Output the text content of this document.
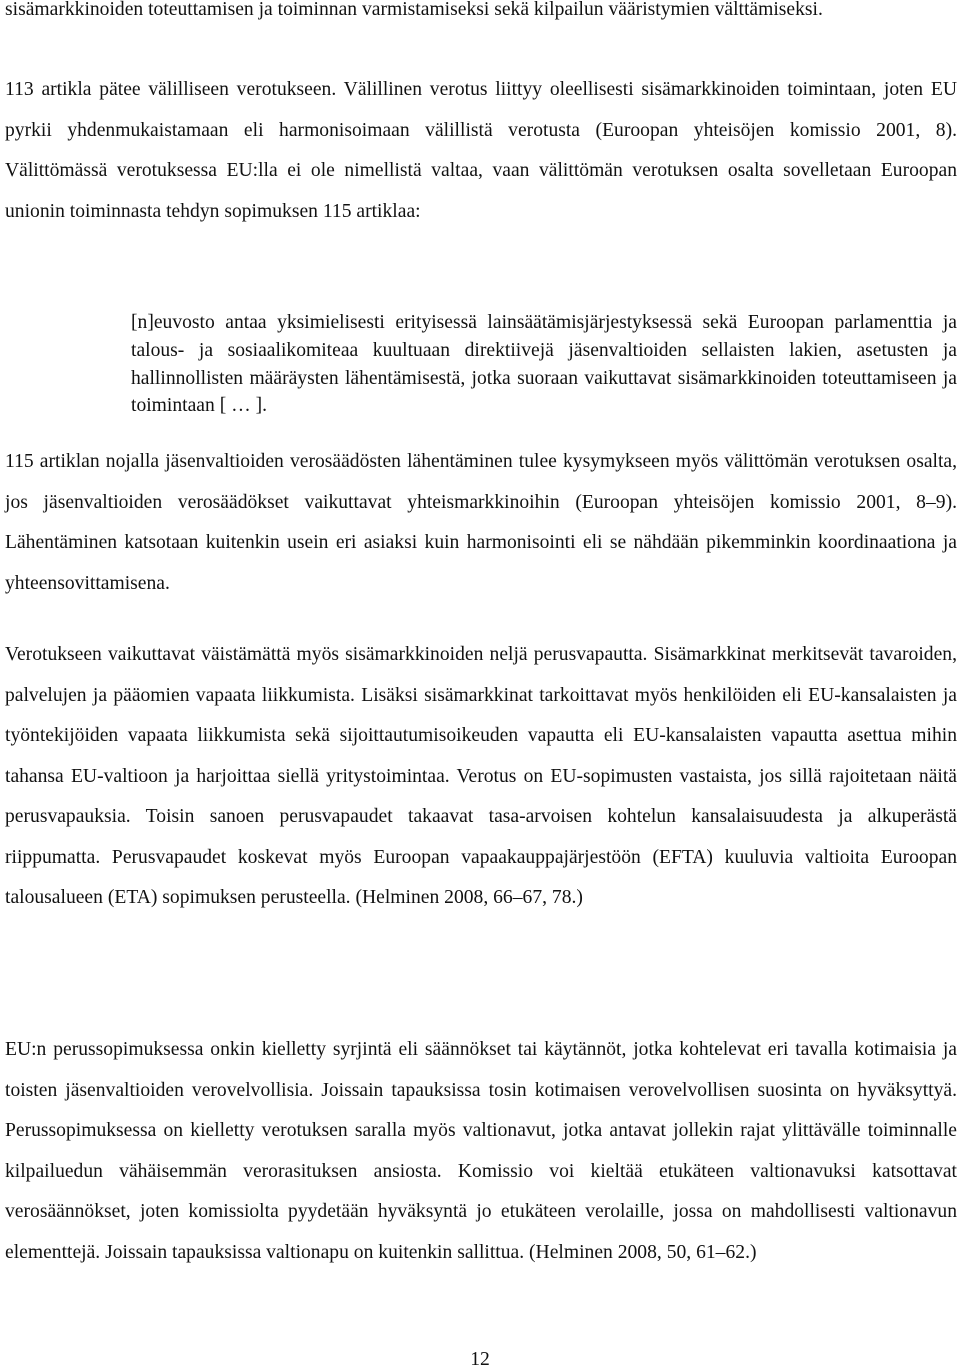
sisämarkkinoiden toteuttamisen ja toiminnan varmistamiseksi sekä kilpailun vääristymien välttämiseksi.

113 artikla pätee välilliseen verotukseen. Välillinen verotus liittyy oleellisesti sisämarkkinoiden toimintaan, joten EU pyrkii yhdenmukaistamaan eli harmonisoimaan välillistä verotusta (Euroopan yhteisöjen komissio 2001, 8). Välittömässä verotuksessa EU:lla ei ole nimellistä valtaa, vaan välittömän verotuksen osalta sovelletaan Euroopan unionin toiminnasta tehdyn sopimuksen 115 artiklaa:

[n]euvosto antaa yksimielisesti erityisessä lainsäätämisjärjestyksessä sekä Euroopan parlamenttia ja talous- ja sosiaalikomiteaa kuultuaan direktiivejä jäsenvaltioiden sellaisten lakien, asetusten ja hallinnollisten määräysten lähentämisestä, jotka suoraan vaikuttavat sisämarkkinoiden toteuttamiseen ja toimintaan [ … ].

115 artiklan nojalla jäsenvaltioiden verosäädösten lähentäminen tulee kysymykseen myös välittömän verotuksen osalta, jos jäsenvaltioiden verosäädökset vaikuttavat yhteismarkkinoihin (Euroopan yhteisöjen komissio 2001, 8–9). Lähentäminen katsotaan kuitenkin usein eri asiaksi kuin harmonisointi eli se nähdään pikemminkin koordinaationa ja yhteensovittamisena.

Verotukseen vaikuttavat väistämättä myös sisämarkkinoiden neljä perusvapautta. Sisämarkkinat merkitsevät tavaroiden, palvelujen ja pääomien vapaata liikkumista. Lisäksi sisämarkkinat tarkoittavat myös henkilöiden eli EU-kansalaisten ja työntekijöiden vapaata liikkumista sekä sijoittautumisoikeuden vapautta eli EU-kansalaisten vapautta asettua mihin tahansa EU-valtioon ja harjoittaa siellä yritystoimintaa. Verotus on EU-sopimusten vastaista, jos sillä rajoitetaan näitä perusvapauksia. Toisin sanoen perusvapaudet takaavat tasa-arvoisen kohtelun kansalaisuudesta ja alkuperästä riippumatta. Perusvapaudet koskevat myös Euroopan vapaakauppajärjestöön (EFTA) kuuluvia valtioita Euroopan talousalueen (ETA) sopimuksen perusteella. (Helminen 2008, 66–67, 78.)

EU:n perussopimuksessa onkin kielletty syrjintä eli säännökset tai käytännöt, jotka kohtelevat eri tavalla kotimaisia ja toisten jäsenvaltioiden verovelvollisia. Joissain tapauksissa tosin kotimaisen verovelvollisen suosinta on hyväksyttyä. Perussopimuksessa on kielletty verotuksen saralla myös valtionavut, jotka antavat jollekin rajat ylittävälle toiminnalle kilpailuedun vähäisemmän verorasituksen ansiosta. Komissio voi kieltää etukäteen valtionavuksi katsottavat verosäännökset, joten komissiolta pyydetään hyväksyntä jo etukäteen verolaille, jossa on mahdollisesti valtionavun elementtejä. Joissain tapauksissa valtionapu on kuitenkin sallittua. (Helminen 2008, 50, 61–62.)

12
